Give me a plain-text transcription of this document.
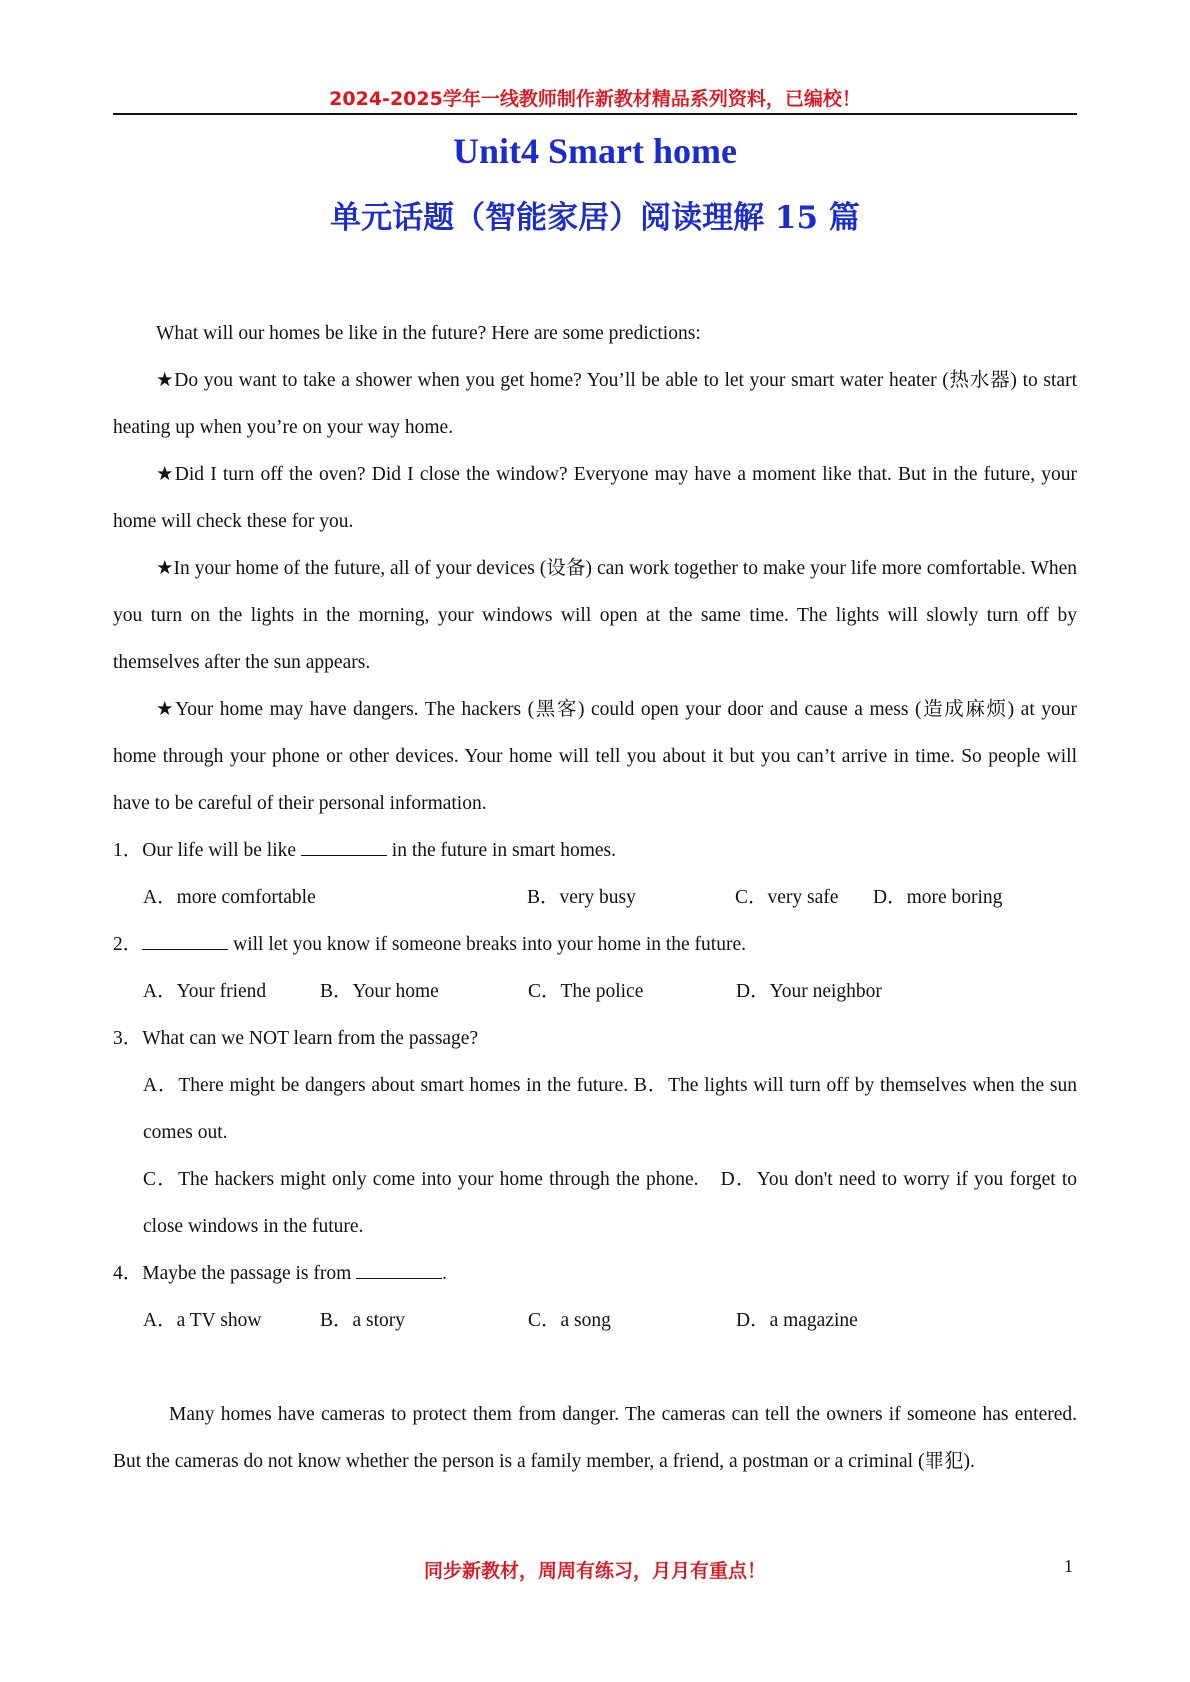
2024-2025学年一线教师制作新教材精品系列资料，已编校！
Unit4 Smart home
单元话题（智能家居）阅读理解 15 篇

What will our homes be like in the future? Here are some predictions:

★Do you want to take a shower when you get home? You’ll be able to let your smart water heater (热水器) to start heating up when you’re on your way home.

★Did I turn off the oven? Did I close the window? Everyone may have a moment like that. But in the future, your home will check these for you.

★In your home of the future, all of your devices (设备) can work together to make your life more comfortable. When you turn on the lights in the morning, your windows will open at the same time. The lights will slowly turn off by themselves after the sun appears.

★Your home may have dangers. The hackers (黑客) could open your door and cause a mess (造成麻烦) at your home through your phone or other devices. Your home will tell you about it but you can’t arrive in time. So people will have to be careful of their personal information.

1．Our life will be like	in the future in smart homes.

A．more comfortable	B．very busy	C．very safe	D．more boring

2．	will let you know if someone breaks into your home in the future.

A．Your friend	B．Your home	C．The police	D．Your neighbor

3．What can we NOT learn from the passage?

A．There might be dangers about smart homes in the future. B．The lights will turn off by themselves when the sun comes out.

C．The hackers might only come into your home through the phone.　D．You don't need to worry if you forget to close windows in the future.

4．Maybe the passage is from	.

A．a TV show	B．a story	C．a song	D．a magazine

Many homes have cameras to protect them from danger. The cameras can tell the owners if someone has entered. But the cameras do not know whether the person is a family member, a friend, a postman or a criminal (罪犯).

同步新教材，周周有练习，月月有重点！	1
